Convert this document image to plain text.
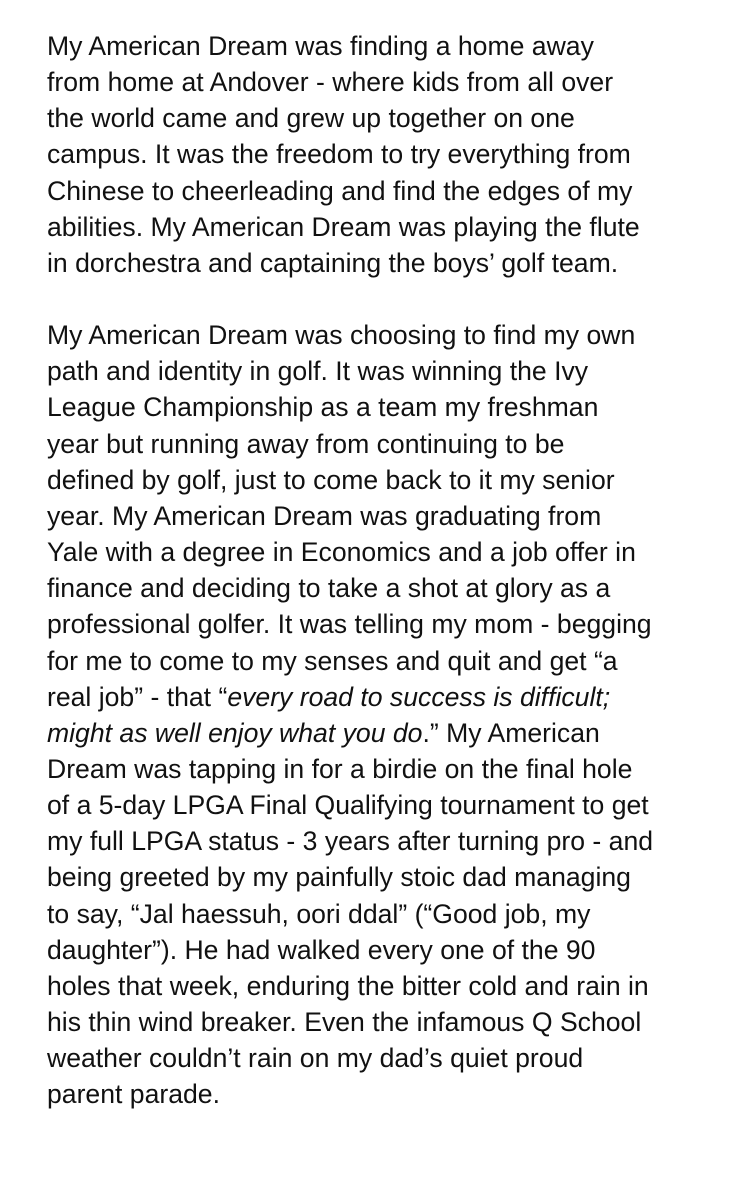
My American Dream was finding a home away
from home at Andover - where kids from all over
the world came and grew up together on one
campus. It was the freedom to try everything from
Chinese to cheerleading and find the edges of my
abilities. My American Dream was playing the flute
in dorchestra and captaining the boys’ golf team.

My American Dream was choosing to find my own
path and identity in golf. It was winning the Ivy
League Championship as a team my freshman
year but running away from continuing to be
defined by golf, just to come back to it my senior
year. My American Dream was graduating from
Yale with a degree in Economics and a job offer in
finance and deciding to take a shot at glory as a
professional golfer. It was telling my mom - begging
for me to come to my senses and quit and get “a
real job” - that “every road to success is difficult;
might as well enjoy what you do.” My American
Dream was tapping in for a birdie on the final hole
of a 5-day LPGA Final Qualifying tournament to get
my full LPGA status - 3 years after turning pro - and
being greeted by my painfully stoic dad managing
to say, “Jal haessuh, oori ddal” (“Good job, my
daughter”). He had walked every one of the 90
holes that week, enduring the bitter cold and rain in
his thin wind breaker. Even the infamous Q School
weather couldn’t rain on my dad’s quiet proud
parent parade.
